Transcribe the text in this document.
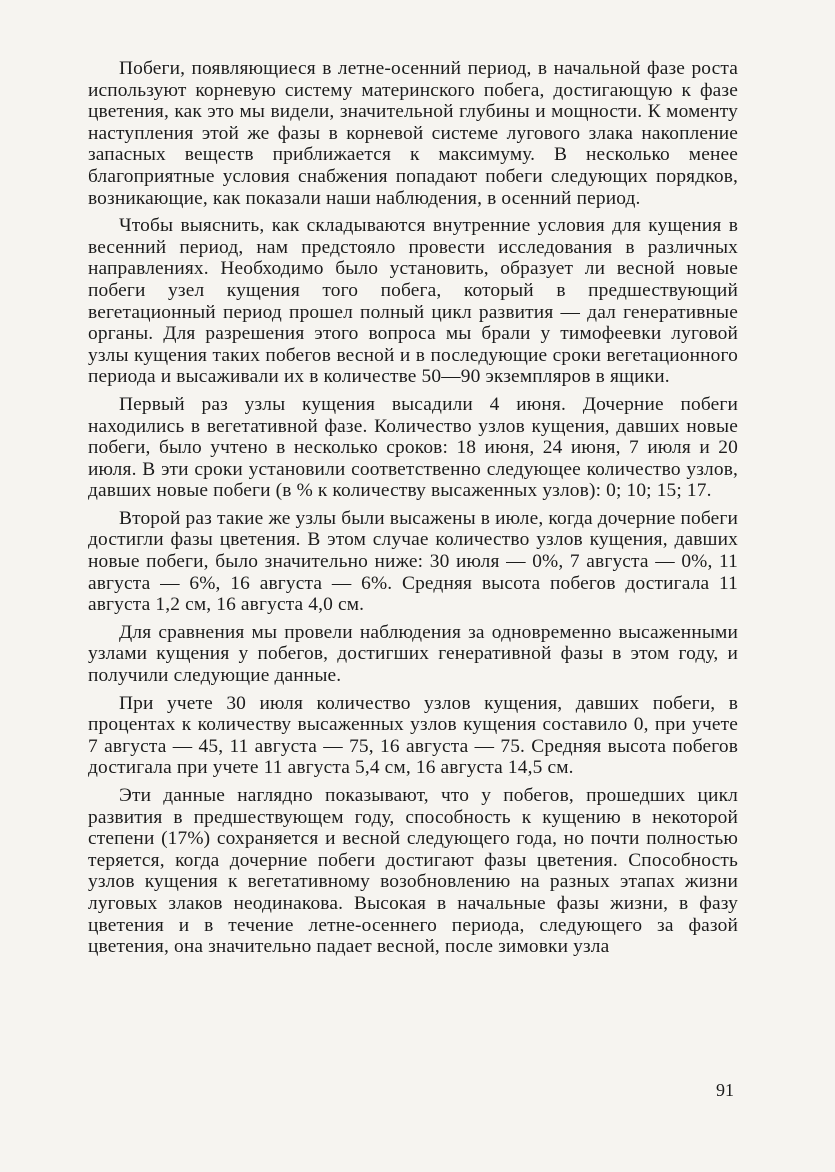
Побеги, появляющиеся в летне-осенний период, в начальной фазе роста используют корневую систему материнского побега, достигающую к фазе цветения, как это мы видели, значительной глубины и мощности. К моменту наступления этой же фазы в корневой системе лугового злака накопление запасных веществ приближается к максимуму. В несколько менее благоприятные условия снабжения попадают побеги следующих порядков, возникающие, как показали наши наблюдения, в осенний период.

Чтобы выяснить, как складываются внутренние условия для кущения в весенний период, нам предстояло провести исследования в различных направлениях. Необходимо было установить, образует ли весной новые побеги узел кущения того побега, который в предшествующий вегетационный период прошел полный цикл развития — дал генеративные органы. Для разрешения этого вопроса мы брали у тимофеевки луговой узлы кущения таких побегов весной и в последующие сроки вегетационного периода и высаживали их в количестве 50—90 экземпляров в ящики.

Первый раз узлы кущения высадили 4 июня. Дочерние побеги находились в вегетативной фазе. Количество узлов кущения, давших новые побеги, было учтено в несколько сроков: 18 июня, 24 июня, 7 июля и 20 июля. В эти сроки установили соответственно следующее количество узлов, давших новые побеги (в % к количеству высаженных узлов): 0; 10; 15; 17.

Второй раз такие же узлы были высажены в июле, когда дочерние побеги достигли фазы цветения. В этом случае количество узлов кущения, давших новые побеги, было значительно ниже: 30 июля — 0%, 7 августа — 0%, 11 августа — 6%, 16 августа — 6%. Средняя высота побегов достигала 11 августа 1,2 см, 16 августа 4,0 см.

Для сравнения мы провели наблюдения за одновременно высаженными узлами кущения у побегов, достигших генеративной фазы в этом году, и получили следующие данные.

При учете 30 июля количество узлов кущения, давших побеги, в процентах к количеству высаженных узлов кущения составило 0, при учете 7 августа — 45, 11 августа — 75, 16 августа — 75. Средняя высота побегов достигала при учете 11 августа 5,4 см, 16 августа 14,5 см.

Эти данные наглядно показывают, что у побегов, прошедших цикл развития в предшествующем году, способность к кущению в некоторой степени (17%) сохраняется и весной следующего года, но почти полностью теряется, когда дочерние побеги достигают фазы цветения. Способность узлов кущения к вегетативному возобновлению на разных этапах жизни луговых злаков неодинакова. Высокая в начальные фазы жизни, в фазу цветения и в течение летне-осеннего периода, следующего за фазой цветения, она значительно падает весной, после зимовки узла

91
